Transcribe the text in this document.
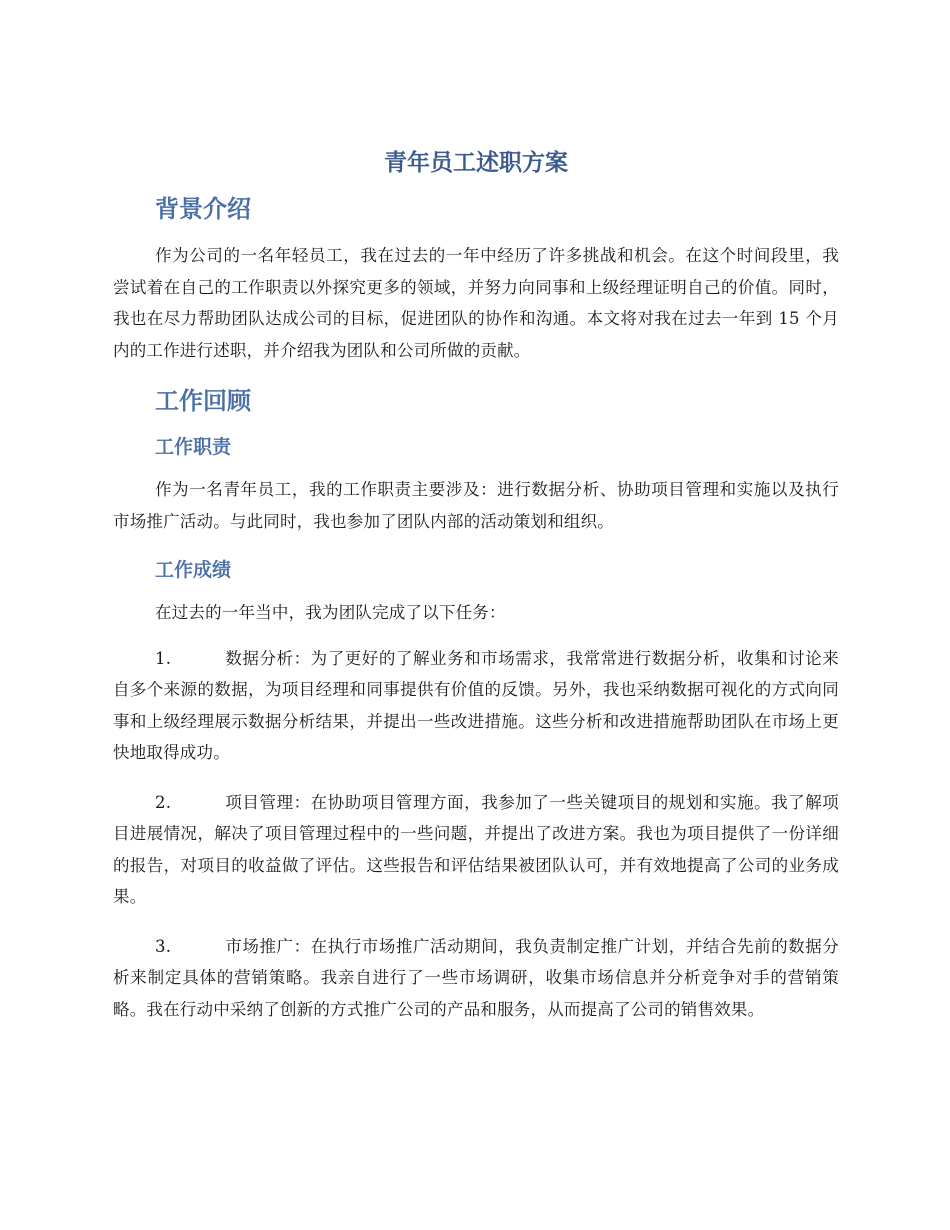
青年员工述职方案
背景介绍

作为公司的一名年轻员工，我在过去的一年中经历了许多挑战和机会。在这个时间段里，我尝试着在自己的工作职责以外探究更多的领域，并努力向同事和上级经理证明自己的价值。同时，我也在尽力帮助团队达成公司的目标，促进团队的协作和沟通。本文将对我在过去一年到 15 个月内的工作进行述职，并介绍我为团队和公司所做的贡献。

工作回顾
工作职责

作为一名青年员工，我的工作职责主要涉及：进行数据分析、协助项目管理和实施以及执行市场推广活动。与此同时，我也参加了团队内部的活动策划和组织。

工作成绩

在过去的一年当中，我为团队完成了以下任务：

1.	数据分析：为了更好的了解业务和市场需求，我常常进行数据分析，收集和讨论来自多个来源的数据，为项目经理和同事提供有价值的反馈。另外，我也采纳数据可视化的方式向同事和上级经理展示数据分析结果，并提出一些改进措施。这些分析和改进措施帮助团队在市场上更快地取得成功。
2.	项目管理：在协助项目管理方面，我参加了一些关键项目的规划和实施。我了解项目进展情况，解决了项目管理过程中的一些问题，并提出了改进方案。我也为项目提供了一份详细的报告，对项目的收益做了评估。这些报告和评估结果被团队认可，并有效地提高了公司的业务成果。
3.	市场推广：在执行市场推广活动期间，我负责制定推广计划，并结合先前的数据分析来制定具体的营销策略。我亲自进行了一些市场调研，收集市场信息并分析竞争对手的营销策略。我在行动中采纳了创新的方式推广公司的产品和服务，从而提高了公司的销售效果。
